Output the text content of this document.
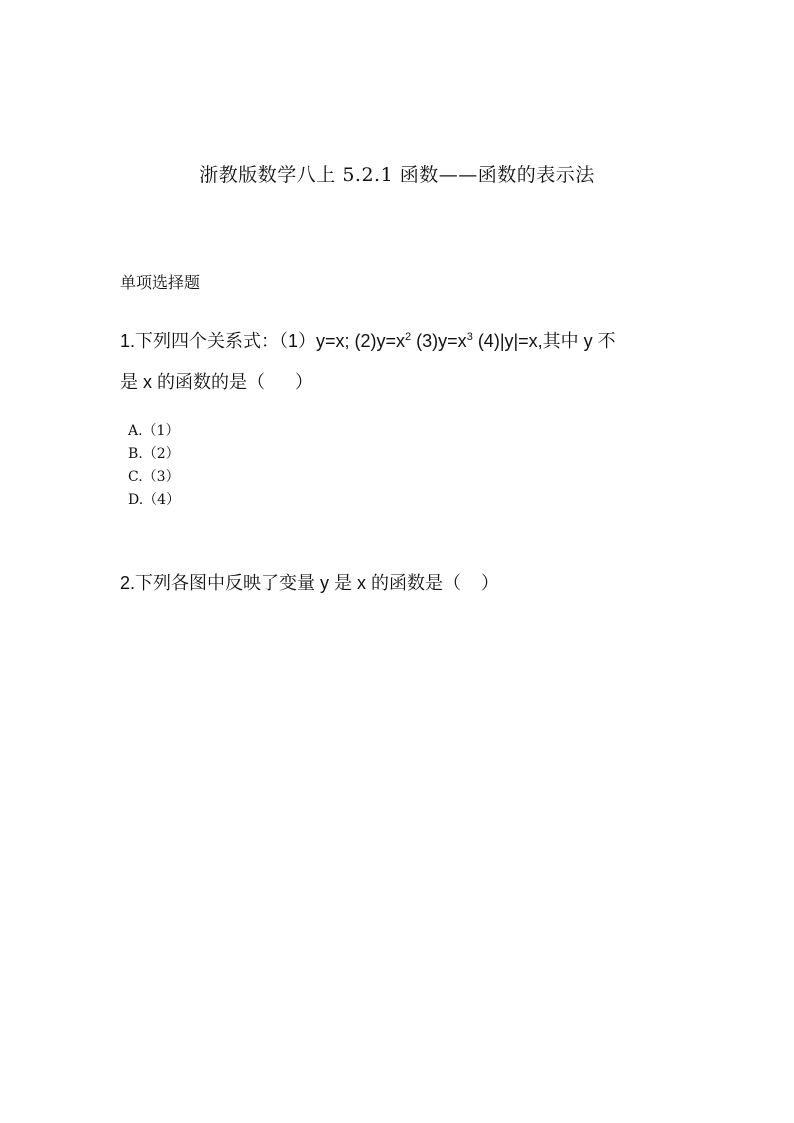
浙教版数学八上 5.2.1 函数——函数的表示法
单项选择题
1.下列四个关系式：（1）y=x; $(2)y=x^2$ $(3)y=x^3$ (4)|y|=x,其中 y 不
是 x 的函数的是（      ）
A.（1）
B.（2）
C.（3）
D.（4）
2.下列各图中反映了变量 y 是 x 的函数是（    ）
